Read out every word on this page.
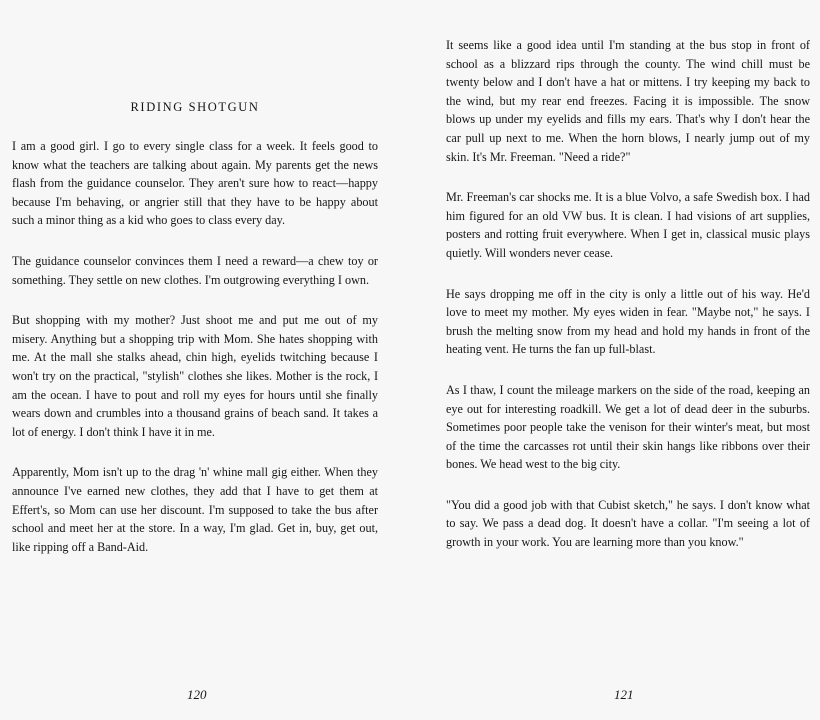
RIDING SHOTGUN

I am a good girl. I go to every single class for a week. It feels good to know what the teachers are talking about again. My parents get the news flash from the guidance counselor. They aren't sure how to react—happy because I'm behaving, or angrier still that they have to be happy about such a minor thing as a kid who goes to class every day.

The guidance counselor convinces them I need a reward—a chew toy or something. They settle on new clothes. I'm outgrowing everything I own.

But shopping with my mother? Just shoot me and put me out of my misery. Anything but a shopping trip with Mom. She hates shopping with me. At the mall she stalks ahead, chin high, eyelids twitching because I won't try on the practical, "stylish" clothes she likes. Mother is the rock, I am the ocean. I have to pout and roll my eyes for hours until she finally wears down and crumbles into a thousand grains of beach sand. It takes a lot of energy. I don't think I have it in me.

Apparently, Mom isn't up to the drag 'n' whine mall gig either. When they announce I've earned new clothes, they add that I have to get them at Effert's, so Mom can use her discount. I'm supposed to take the bus after school and meet her at the store. In a way, I'm glad. Get in, buy, get out, like ripping off a Band-Aid.

120

It seems like a good idea until I'm standing at the bus stop in front of school as a blizzard rips through the county. The wind chill must be twenty below and I don't have a hat or mittens. I try keeping my back to the wind, but my rear end freezes. Facing it is impossible. The snow blows up under my eyelids and fills my ears. That's why I don't hear the car pull up next to me. When the horn blows, I nearly jump out of my skin. It's Mr. Freeman. "Need a ride?"

Mr. Freeman's car shocks me. It is a blue Volvo, a safe Swedish box. I had him figured for an old VW bus. It is clean. I had visions of art supplies, posters and rotting fruit everywhere. When I get in, classical music plays quietly. Will wonders never cease.

He says dropping me off in the city is only a little out of his way. He'd love to meet my mother. My eyes widen in fear. "Maybe not," he says. I brush the melting snow from my head and hold my hands in front of the heating vent. He turns the fan up full-blast.

As I thaw, I count the mileage markers on the side of the road, keeping an eye out for interesting roadkill. We get a lot of dead deer in the suburbs. Sometimes poor people take the venison for their winter's meat, but most of the time the carcasses rot until their skin hangs like ribbons over their bones. We head west to the big city.

"You did a good job with that Cubist sketch," he says. I don't know what to say. We pass a dead dog. It doesn't have a collar. "I'm seeing a lot of growth in your work. You are learning more than you know."

121
